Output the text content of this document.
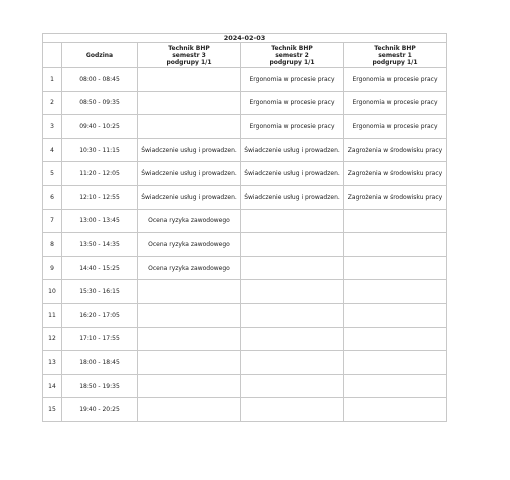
2024-02-03				
	Godzina	Technik BHP
semestr 3
podgrupy 1/1	Technik BHP
semestr 2
podgrupy 1/1	Technik BHP
semestr 1
podgrupy 1/1

1	08:00 - 08:45		Ergonomia w procesie pracy	Ergonomia w procesie pracy
2	08:50 - 09:35		Ergonomia w procesie pracy	Ergonomia w procesie pracy
3	09:40 - 10:25		Ergonomia w procesie pracy	Ergonomia w procesie pracy
4	10:30 - 11:15	Świadczenie usług i prowadzen.	Świadczenie usług i prowadzen.	Zagrożenia w środowisku pracy
5	11:20 - 12:05	Świadczenie usług i prowadzen.	Świadczenie usług i prowadzen.	Zagrożenia w środowisku pracy
6	12:10 - 12:55	Świadczenie usług i prowadzen.	Świadczenie usług i prowadzen.	Zagrożenia w środowisku pracy
7	13:00 - 13:45	Ocena ryzyka zawodowego		
8	13:50 - 14:35	Ocena ryzyka zawodowego		
9	14:40 - 15:25	Ocena ryzyka zawodowego		
10	15:30 - 16:15			
11	16:20 - 17:05			
12	17:10 - 17:55			
13	18:00 - 18:45			
14	18:50 - 19:35			
15	19:40 - 20:25			
